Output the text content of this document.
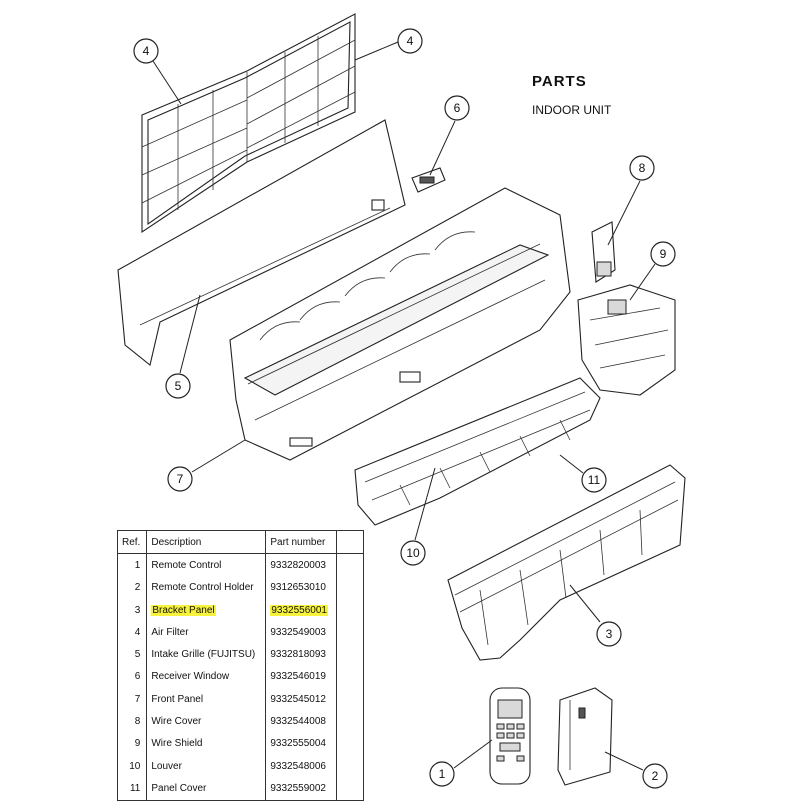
4
4
6
8
9
5
7	11
10
3
1	2
PARTS
INDOOR UNIT
Ref.	Description	Part number	
1	Remote Control	9332820003	
2	Remote Control Holder	9312653010	
3	Bracket Panel	9332556001	
4	Air Filter	9332549003	
5	Intake Grille (FUJITSU)	9332818093	
6	Receiver Window	9332546019	
7	Front Panel	9332545012	
8	Wire Cover	9332544008	
9	Wire Shield	9332555004	
10	Louver	9332548006	
11	Panel Cover	9332559002	
